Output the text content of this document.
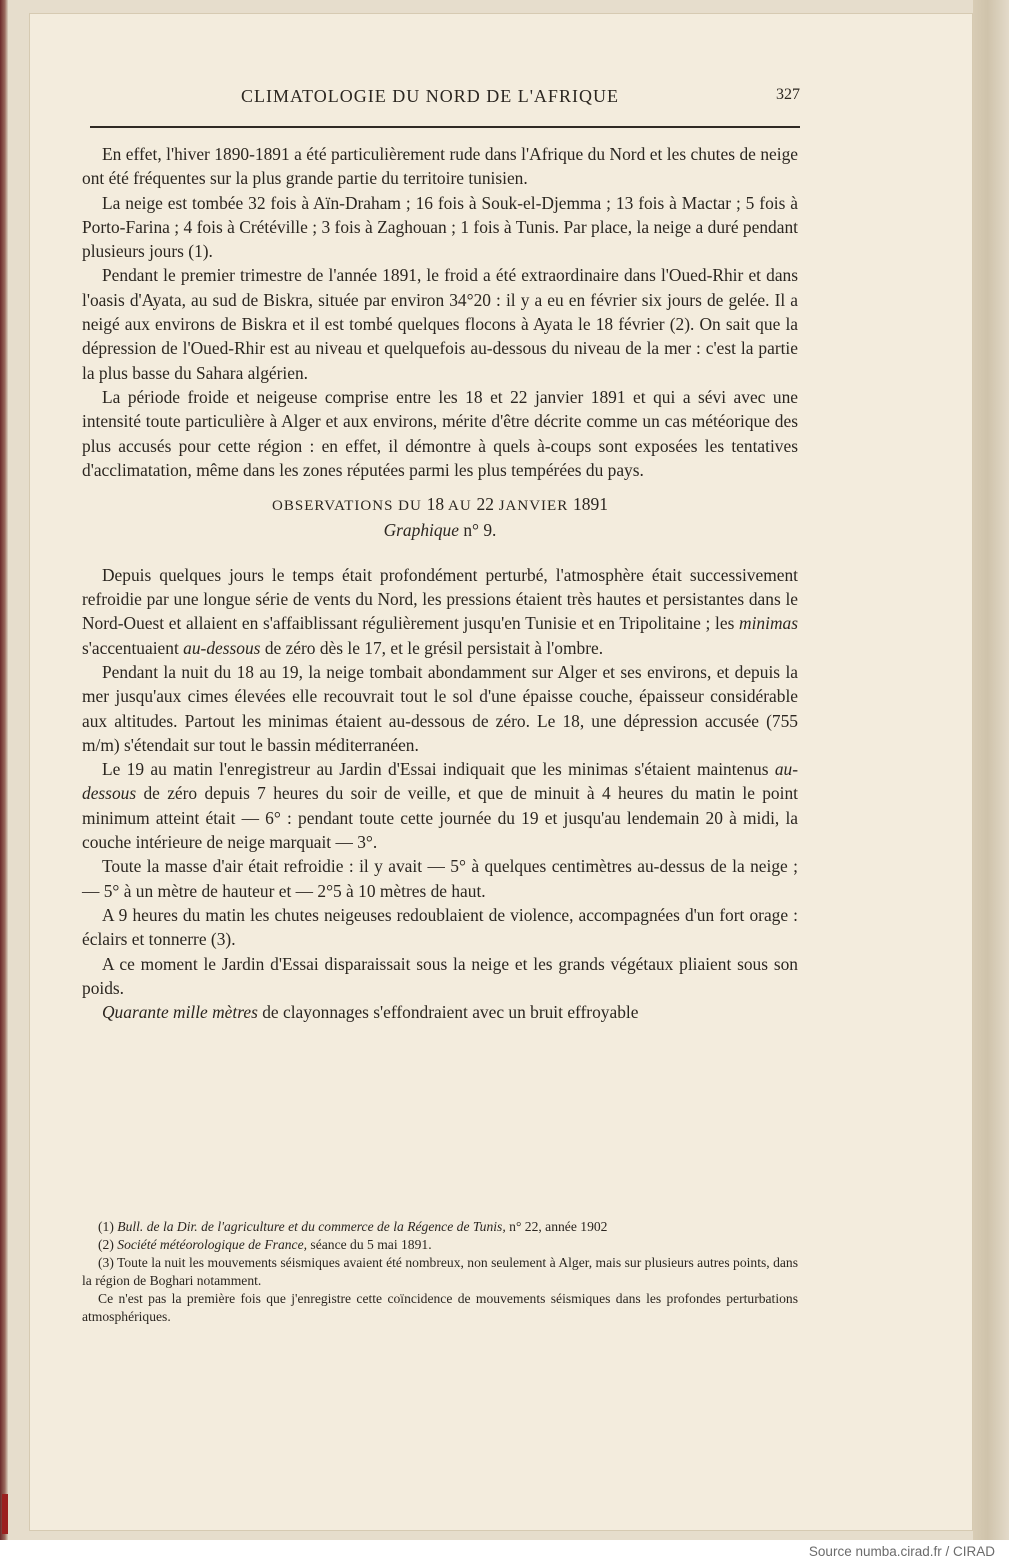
CLIMATOLOGIE DU NORD DE L'AFRIQUE	327

En effet, l'hiver 1890-1891 a été particulièrement rude dans l'Afrique du Nord et les chutes de neige ont été fréquentes sur la plus grande partie du territoire tunisien.

La neige est tombée 32 fois à Aïn-Draham ; 16 fois à Souk-el-Djemma ; 13 fois à Mactar ; 5 fois à Porto-Farina ; 4 fois à Crétéville ; 3 fois à Zaghouan ; 1 fois à Tunis. Par place, la neige a duré pendant plusieurs jours (1).

Pendant le premier trimestre de l'année 1891, le froid a été extraordinaire dans l'Oued-Rhir et dans l'oasis d'Ayata, au sud de Biskra, située par environ 34°20 : il y a eu en février six jours de gelée. Il a neigé aux environs de Biskra et il est tombé quelques flocons à Ayata le 18 février (2). On sait que la dépression de l'Oued-Rhir est au niveau et quelquefois au-dessous du niveau de la mer : c'est la partie la plus basse du Sahara algérien.

La période froide et neigeuse comprise entre les 18 et 22 janvier 1891 et qui a sévi avec une intensité toute particulière à Alger et aux environs, mérite d'être décrite comme un cas météorique des plus accusés pour cette région : en effet, il démontre à quels à-coups sont exposées les tentatives d'acclimatation, même dans les zones réputées parmi les plus tempérées du pays.

OBSERVATIONS DU 18 AU 22 JANVIER 1891

Graphique n° 9.

Depuis quelques jours le temps était profondément perturbé, l'atmosphère était successivement refroidie par une longue série de vents du Nord, les pressions étaient très hautes et persistantes dans le Nord-Ouest et allaient en s'affaiblissant régulièrement jusqu'en Tunisie et en Tripolitaine ; les minimas s'accentuaient au-dessous de zéro dès le 17, et le grésil persistait à l'ombre.

Pendant la nuit du 18 au 19, la neige tombait abondamment sur Alger et ses environs, et depuis la mer jusqu'aux cimes élevées elle recouvrait tout le sol d'une épaisse couche, épaisseur considérable aux altitudes. Partout les minimas étaient au-dessous de zéro. Le 18, une dépression accusée (755 m/m) s'étendait sur tout le bassin méditerranéen.

Le 19 au matin l'enregistreur au Jardin d'Essai indiquait que les minimas s'étaient maintenus au-dessous de zéro depuis 7 heures du soir de veille, et que de minuit à 4 heures du matin le point minimum atteint était — 6° : pendant toute cette journée du 19 et jusqu'au lendemain 20 à midi, la couche intérieure de neige marquait — 3°.

Toute la masse d'air était refroidie : il y avait — 5° à quelques centimètres au-dessus de la neige ; — 5° à un mètre de hauteur et — 2°5 à 10 mètres de haut.

A 9 heures du matin les chutes neigeuses redoublaient de violence, accompagnées d'un fort orage : éclairs et tonnerre (3).

A ce moment le Jardin d'Essai disparaissait sous la neige et les grands végétaux pliaient sous son poids.

Quarante mille mètres de clayonnages s'effondraient avec un bruit effroyable

(1) Bull. de la Dir. de l'agriculture et du commerce de la Régence de Tunis, n° 22, année 1902

(2) Société météorologique de France, séance du 5 mai 1891.

(3) Toute la nuit les mouvements séismiques avaient été nombreux, non seulement à Alger, mais sur plusieurs autres points, dans la région de Boghari notamment.

Ce n'est pas la première fois que j'enregistre cette coïncidence de mouvements séismiques dans les profondes perturbations atmosphériques.

Source numba.cirad.fr / CIRAD
